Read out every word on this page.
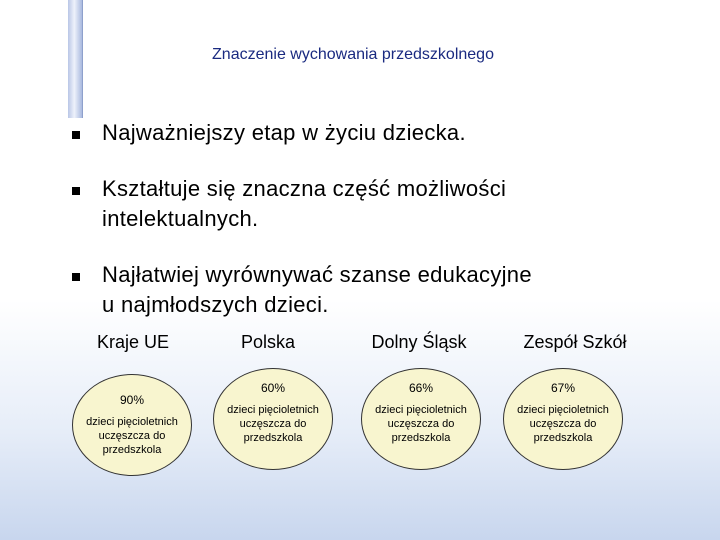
Znaczenie wychowania przedszkolnego
Najważniejszy etap w życiu dziecka.
Kształtuje się znaczna część możliwości
intelektualnych.
Najłatwiej wyrównywać szanse edukacyjne
u najmłodszych dzieci.
Kraje UE	Polska	Dolny Śląsk	Zespół Szkół
90%
dzieci pięcioletnich
uczęszcza do
przedszkola
60%
dzieci pięcioletnich
uczęszcza do
przedszkola
66%
dzieci pięcioletnich
uczęszcza do
przedszkola
67%
dzieci pięcioletnich
uczęszcza do
przedszkola
